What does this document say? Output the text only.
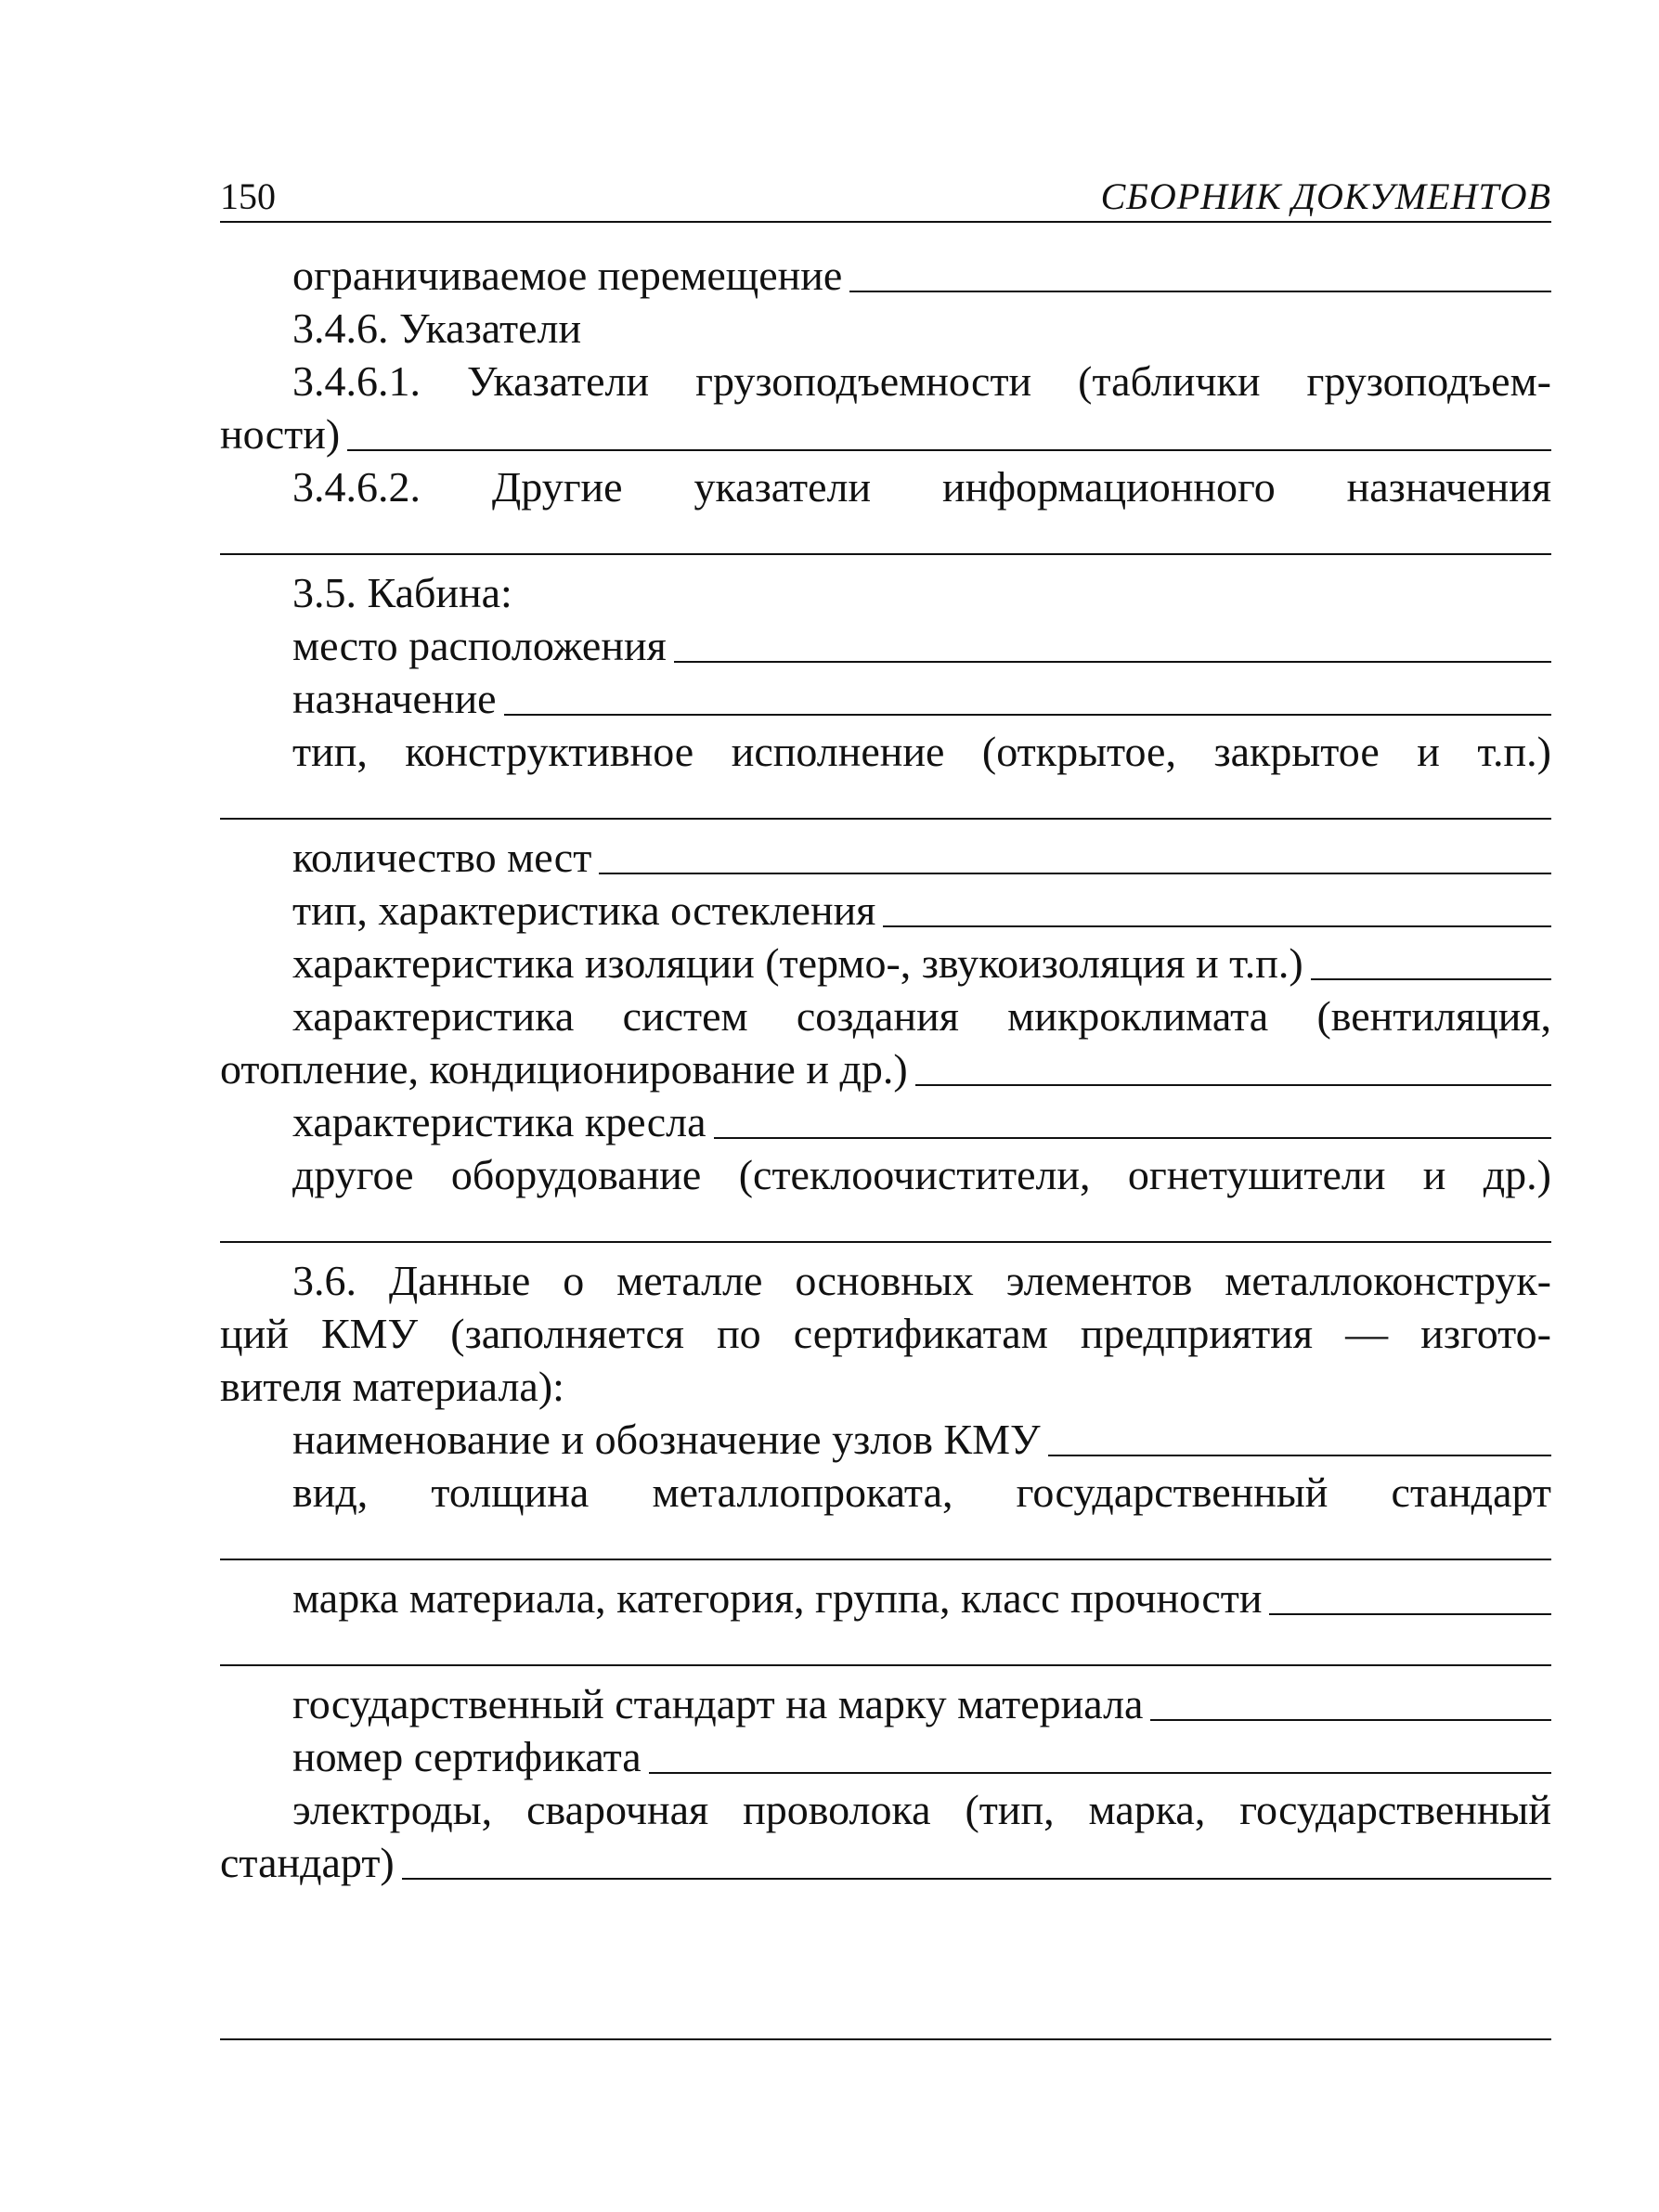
150	СБОРНИК ДОКУМЕНТОВ
ограничиваемое перемещение
3.4.6. Указатели
3.4.6.1. Указатели грузоподъемности (таблички грузоподъем-
ности)
3.4.6.2. Другие указатели информационного назначения
3.5. Кабина:
место расположения
назначение
тип, конструктивное исполнение (открытое, закрытое и т.п.)
количество мест
тип, характеристика остекления
характеристика изоляции (термо-, звукоизоляция и т.п.)
характеристика систем создания микроклимата (вентиляция,
отопление, кондиционирование и др.)
характеристика кресла
другое оборудование (стеклоочистители, огнетушители и др.)
3.6. Данные о металле основных элементов металлоконструк-
ций КМУ (заполняется по сертификатам предприятия — изгото-
вителя материала):
наименование и обозначение узлов КМУ
вид, толщина металлопроката, государственный стандарт
марка материала, категория, группа, класс прочности
государственный стандарт на марку материала
номер сертификата
электроды, сварочная проволока (тип, марка, государственный
стандарт)
